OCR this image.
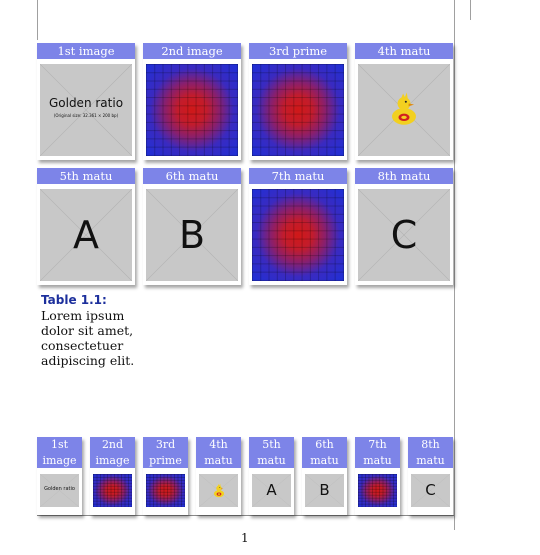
1st image
Golden ratio
(Original size: 32.361 × 200 bp)
2nd image	3rd prime	4th matu
5th matu
A
6th matu
B
7th matu	8th matu
C
Table 1.1:
Lorem ipsum dolor sit amet, consectetuer adipiscing elit.
1st
image
Golden ratio
2nd
image
3rd
prime
4th
matu
5th
matu
A
6th
matu
B
7th
matu
8th
matu
C
1
